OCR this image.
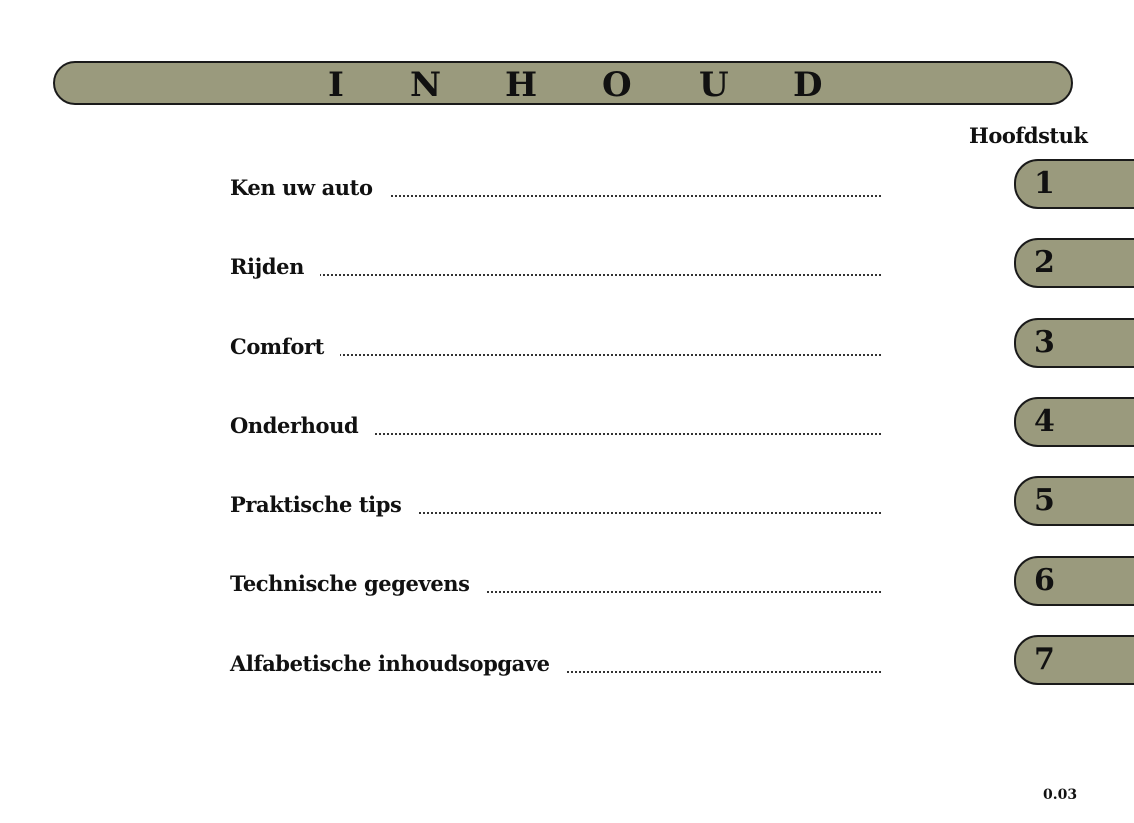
I N H O U D
Hoofdstuk
Ken uw auto
Rijden
Comfort
Onderhoud
Praktische tips
Technische gegevens
Alfabetische inhoudsopgave
1
2
3
4
5
6
7
0.03
